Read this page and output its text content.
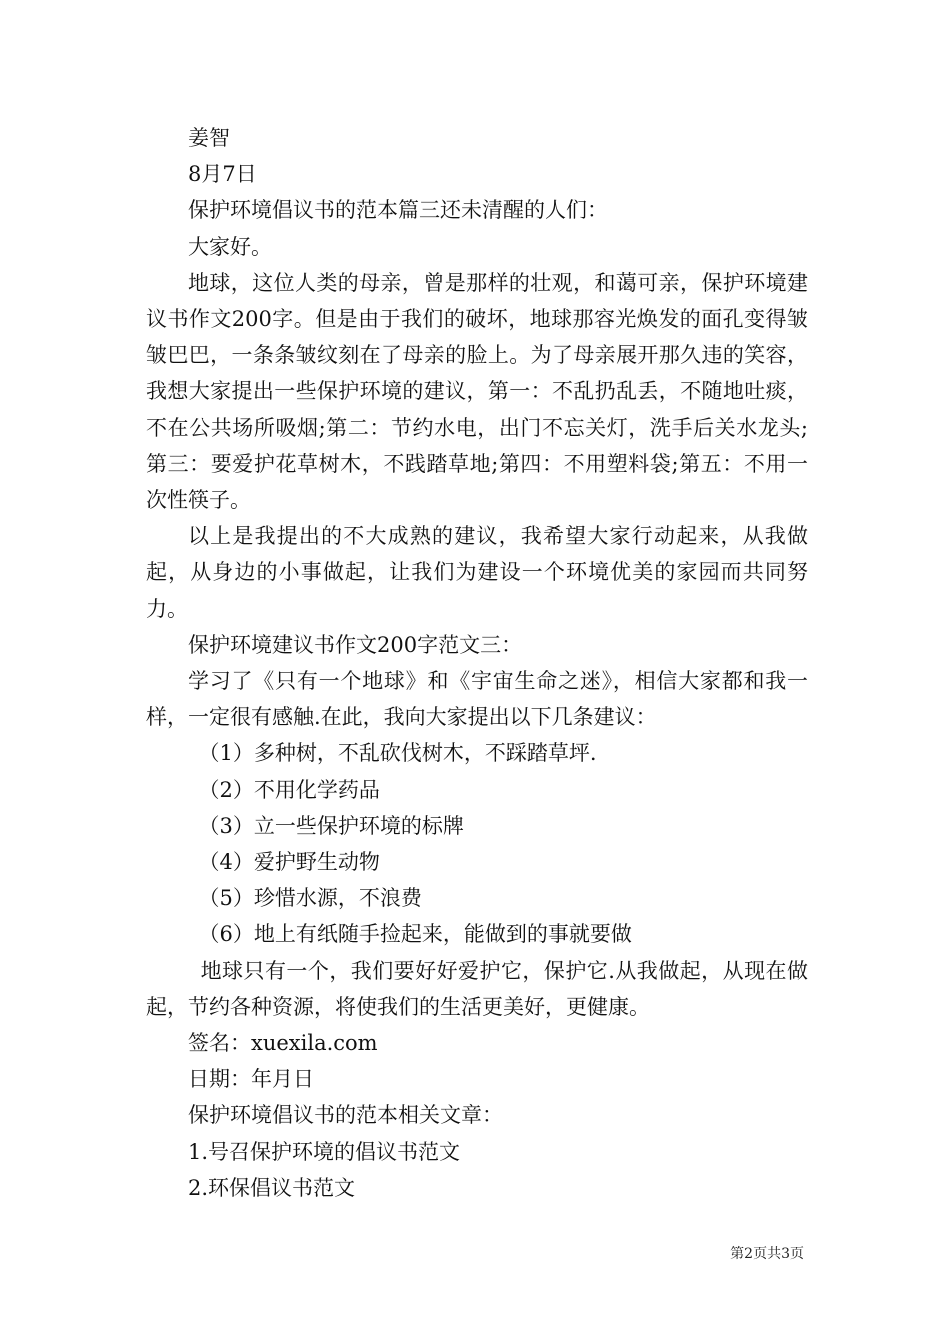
姜智

8月7日

保护环境倡议书的范本篇三还未清醒的人们：

大家好。

地球，这位人类的母亲，曾是那样的壮观，和蔼可亲，保护环境建议书作文200字。但是由于我们的破坏，地球那容光焕发的面孔变得皱皱巴巴，一条条皱纹刻在了母亲的脸上。为了母亲展开那久违的笑容，我想大家提出一些保护环境的建议，第一：不乱扔乱丢，不随地吐痰，不在公共场所吸烟;第二：节约水电，出门不忘关灯，洗手后关水龙头;第三：要爱护花草树木，不践踏草地;第四：不用塑料袋;第五：不用一次性筷子。

以上是我提出的不大成熟的建议，我希望大家行动起来，从我做起，从身边的小事做起，让我们为建设一个环境优美的家园而共同努力。

保护环境建议书作文200字范文三：

学习了《只有一个地球》和《宇宙生命之迷》，相信大家都和我一样，一定很有感触.在此，我向大家提出以下几条建议：

（1）多种树，不乱砍伐树木，不踩踏草坪.

（2）不用化学药品

（3）立一些保护环境的标牌

（4）爱护野生动物

（5）珍惜水源，不浪费

（6）地上有纸随手捡起来，能做到的事就要做

地球只有一个，我们要好好爱护它，保护它.从我做起，从现在做起，节约各种资源，将使我们的生活更美好，更健康。

签名：xuexila.com

日期：年月日

保护环境倡议书的范本相关文章：

1.号召保护环境的倡议书范文

2.环保倡议书范文

第2页共3页
